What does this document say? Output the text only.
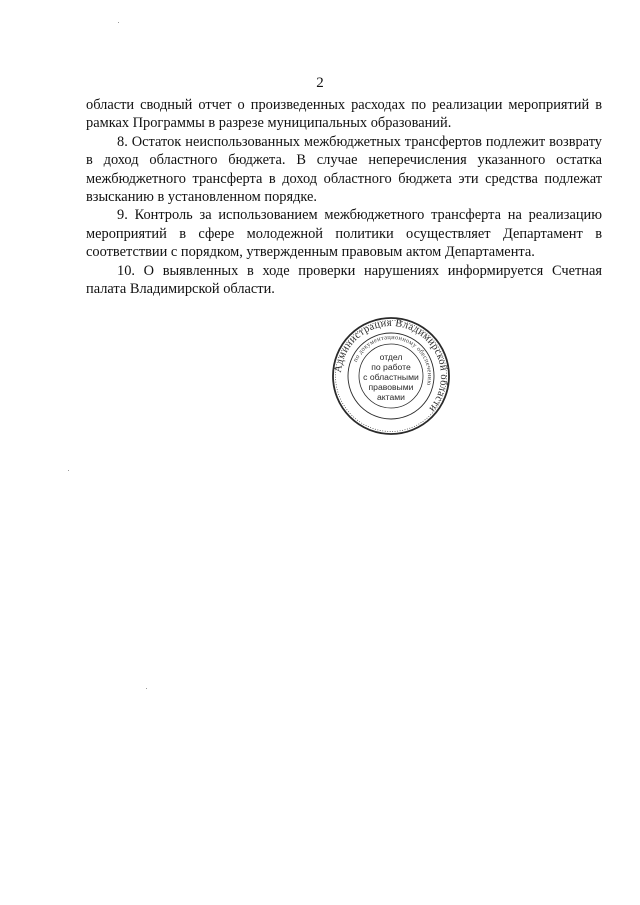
2

области сводный отчет о произведенных расходах по реализации мероприятий в рамках Программы в разрезе муниципальных образований.

8. Остаток неиспользованных межбюджетных трансфертов подлежит возврату в доход областного бюджета. В случае неперечисления указанного остатка межбюджетного трансферта в доход областного бюджета эти средства подлежат взысканию в установленном порядке.

9. Контроль за использованием межбюджетного трансферта на реализацию мероприятий в сфере молодежной политики осуществляет Департамент в соответствии с порядком, утвержденным правовым актом Департамента.

10. О выявленных в ходе проверки нарушениях информируется Счетная палата Владимирской области.

Администрация Владимирской области
по документационному обеспечению
отдел
по работе
с областными
правовыми
актами
